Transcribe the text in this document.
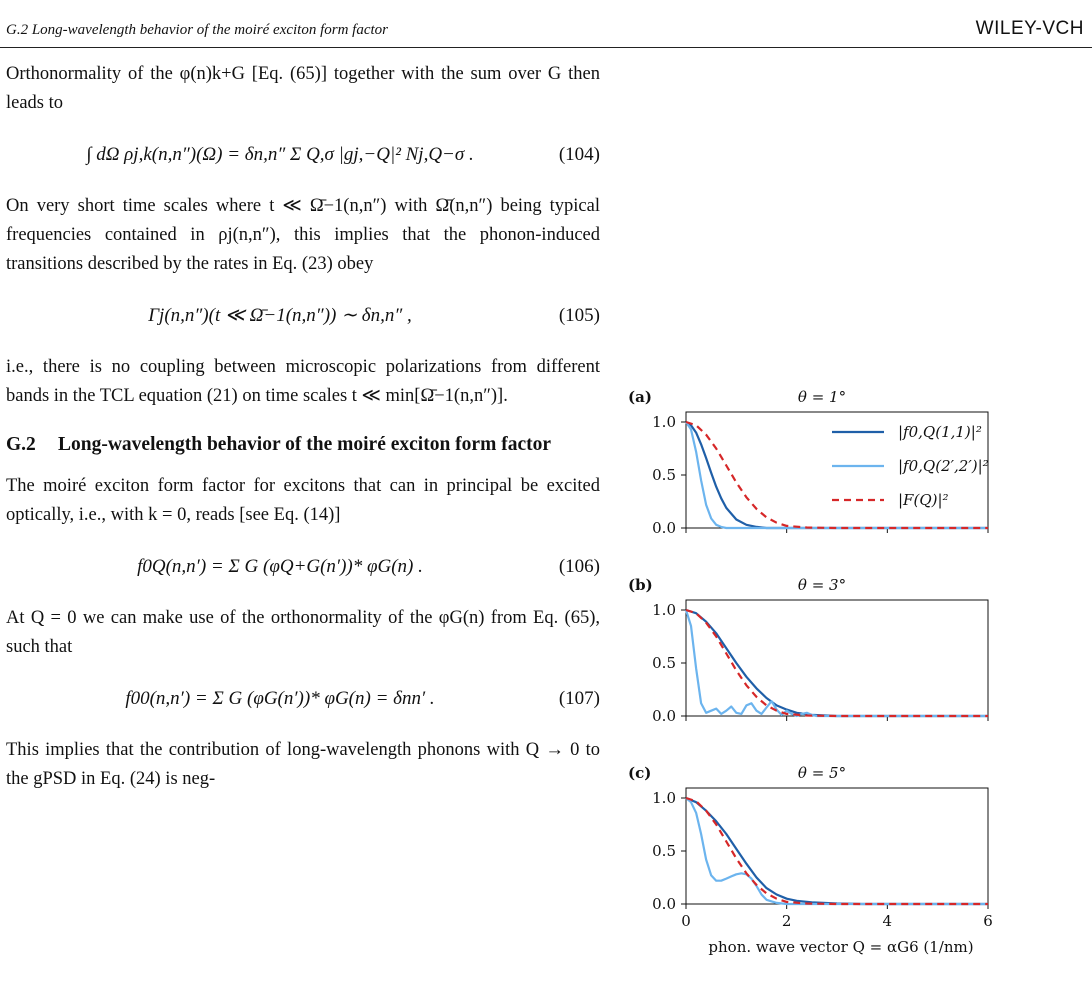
G.2 Long-wavelength behavior of the moiré exciton form factor	WILEY-VCH

Orthonormality of the φ(n)k+G [Eq. (65)] together with the sum over G then leads to

∫ dΩ ρj,k(n,n″)(Ω) = δn,n″ Σ Q,σ |gj,−Q|² Nj,Q−σ .	(104)

On very short time scales where t ≪ Ω̄−1(n,n″) with Ω̄(n,n″) being typical frequencies contained in ρj(n,n″), this implies that the phonon-induced transitions described by the rates in Eq. (23) obey

Γj(n,n″)(t ≪ Ω̄−1(n,n″)) ∼ δn,n″ ,	(105)

i.e., there is no coupling between microscopic polarizations from different bands in the TCL equation (21) on time scales t ≪ min[Ω̄−1(n,n″)].

G.2 Long-wavelength behavior of the moiré exciton form factor

The moiré exciton form factor for excitons that can in principal be excited optically, i.e., with k = 0, reads [see Eq. (14)]

f0Q(n,n′) = Σ G (φQ+G(n′))* φG(n) .	(106)

At Q = 0 we can make use of the orthonormality of the φG(n) from Eq. (65), such that

f00(n,n′) = Σ G (φG(n′))* φG(n) = δnn′ .	(107)

This implies that the contribution of long-wavelength phonons with Q → 0 to the gPSD in Eq. (24) is neg-

(a)	θ = 1°
0.0
0.5
1.0
|f0,Q(1,1)|²
|f0,Q(2′,2′)|²
|F(Q)|²
(b)	θ = 3°
0.0
0.5
1.0
(c)	θ = 5°
0.0
0.5
1.0
0	2	4	6
phon. wave vector Q = αG6 (1/nm)
